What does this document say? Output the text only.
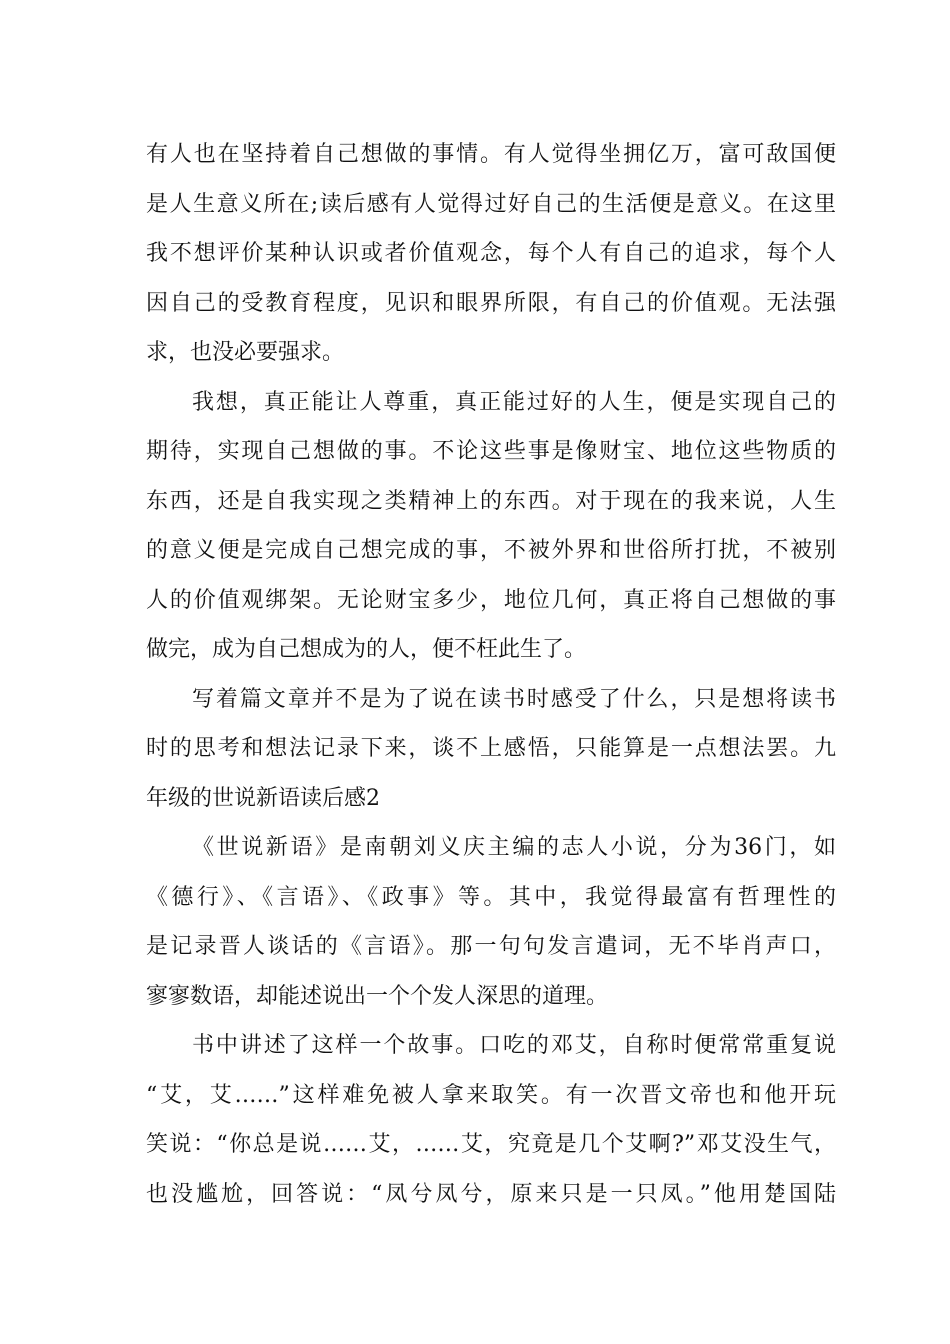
有人也在坚持着自己想做的事情。有人觉得坐拥亿万，富可敌国便
是人生意义所在;读后感有人觉得过好自己的生活便是意义。在这里
我不想评价某种认识或者价值观念，每个人有自己的追求，每个人
因自己的受教育程度，见识和眼界所限，有自己的价值观。无法强
求，也没必要强求。
我想，真正能让人尊重，真正能过好的人生，便是实现自己的
期待，实现自己想做的事。不论这些事是像财宝、地位这些物质的
东西，还是自我实现之类精神上的东西。对于现在的我来说，人生
的意义便是完成自己想完成的事，不被外界和世俗所打扰，不被别
人的价值观绑架。无论财宝多少，地位几何，真正将自己想做的事
做完，成为自己想成为的人，便不枉此生了。
写着篇文章并不是为了说在读书时感受了什么，只是想将读书
时的思考和想法记录下来，谈不上感悟，只能算是一点想法罢。九
年级的世说新语读后感2
《世说新语》是南朝刘义庆主编的志人小说，分为36门，如
《德行》、《言语》、《政事》等。其中，我觉得最富有哲理性的
是记录晋人谈话的《言语》。那一句句发言遣词，无不毕肖声口，
寥寥数语，却能述说出一个个发人深思的道理。
书中讲述了这样一个故事。口吃的邓艾，自称时便常常重复说
“艾，艾……”这样难免被人拿来取笑。有一次晋文帝也和他开玩
笑说：“你总是说……艾，……艾，究竟是几个艾啊?”邓艾没生气，
也没尴尬，回答说：“凤兮凤兮，原来只是一只凤。”他用楚国陆
